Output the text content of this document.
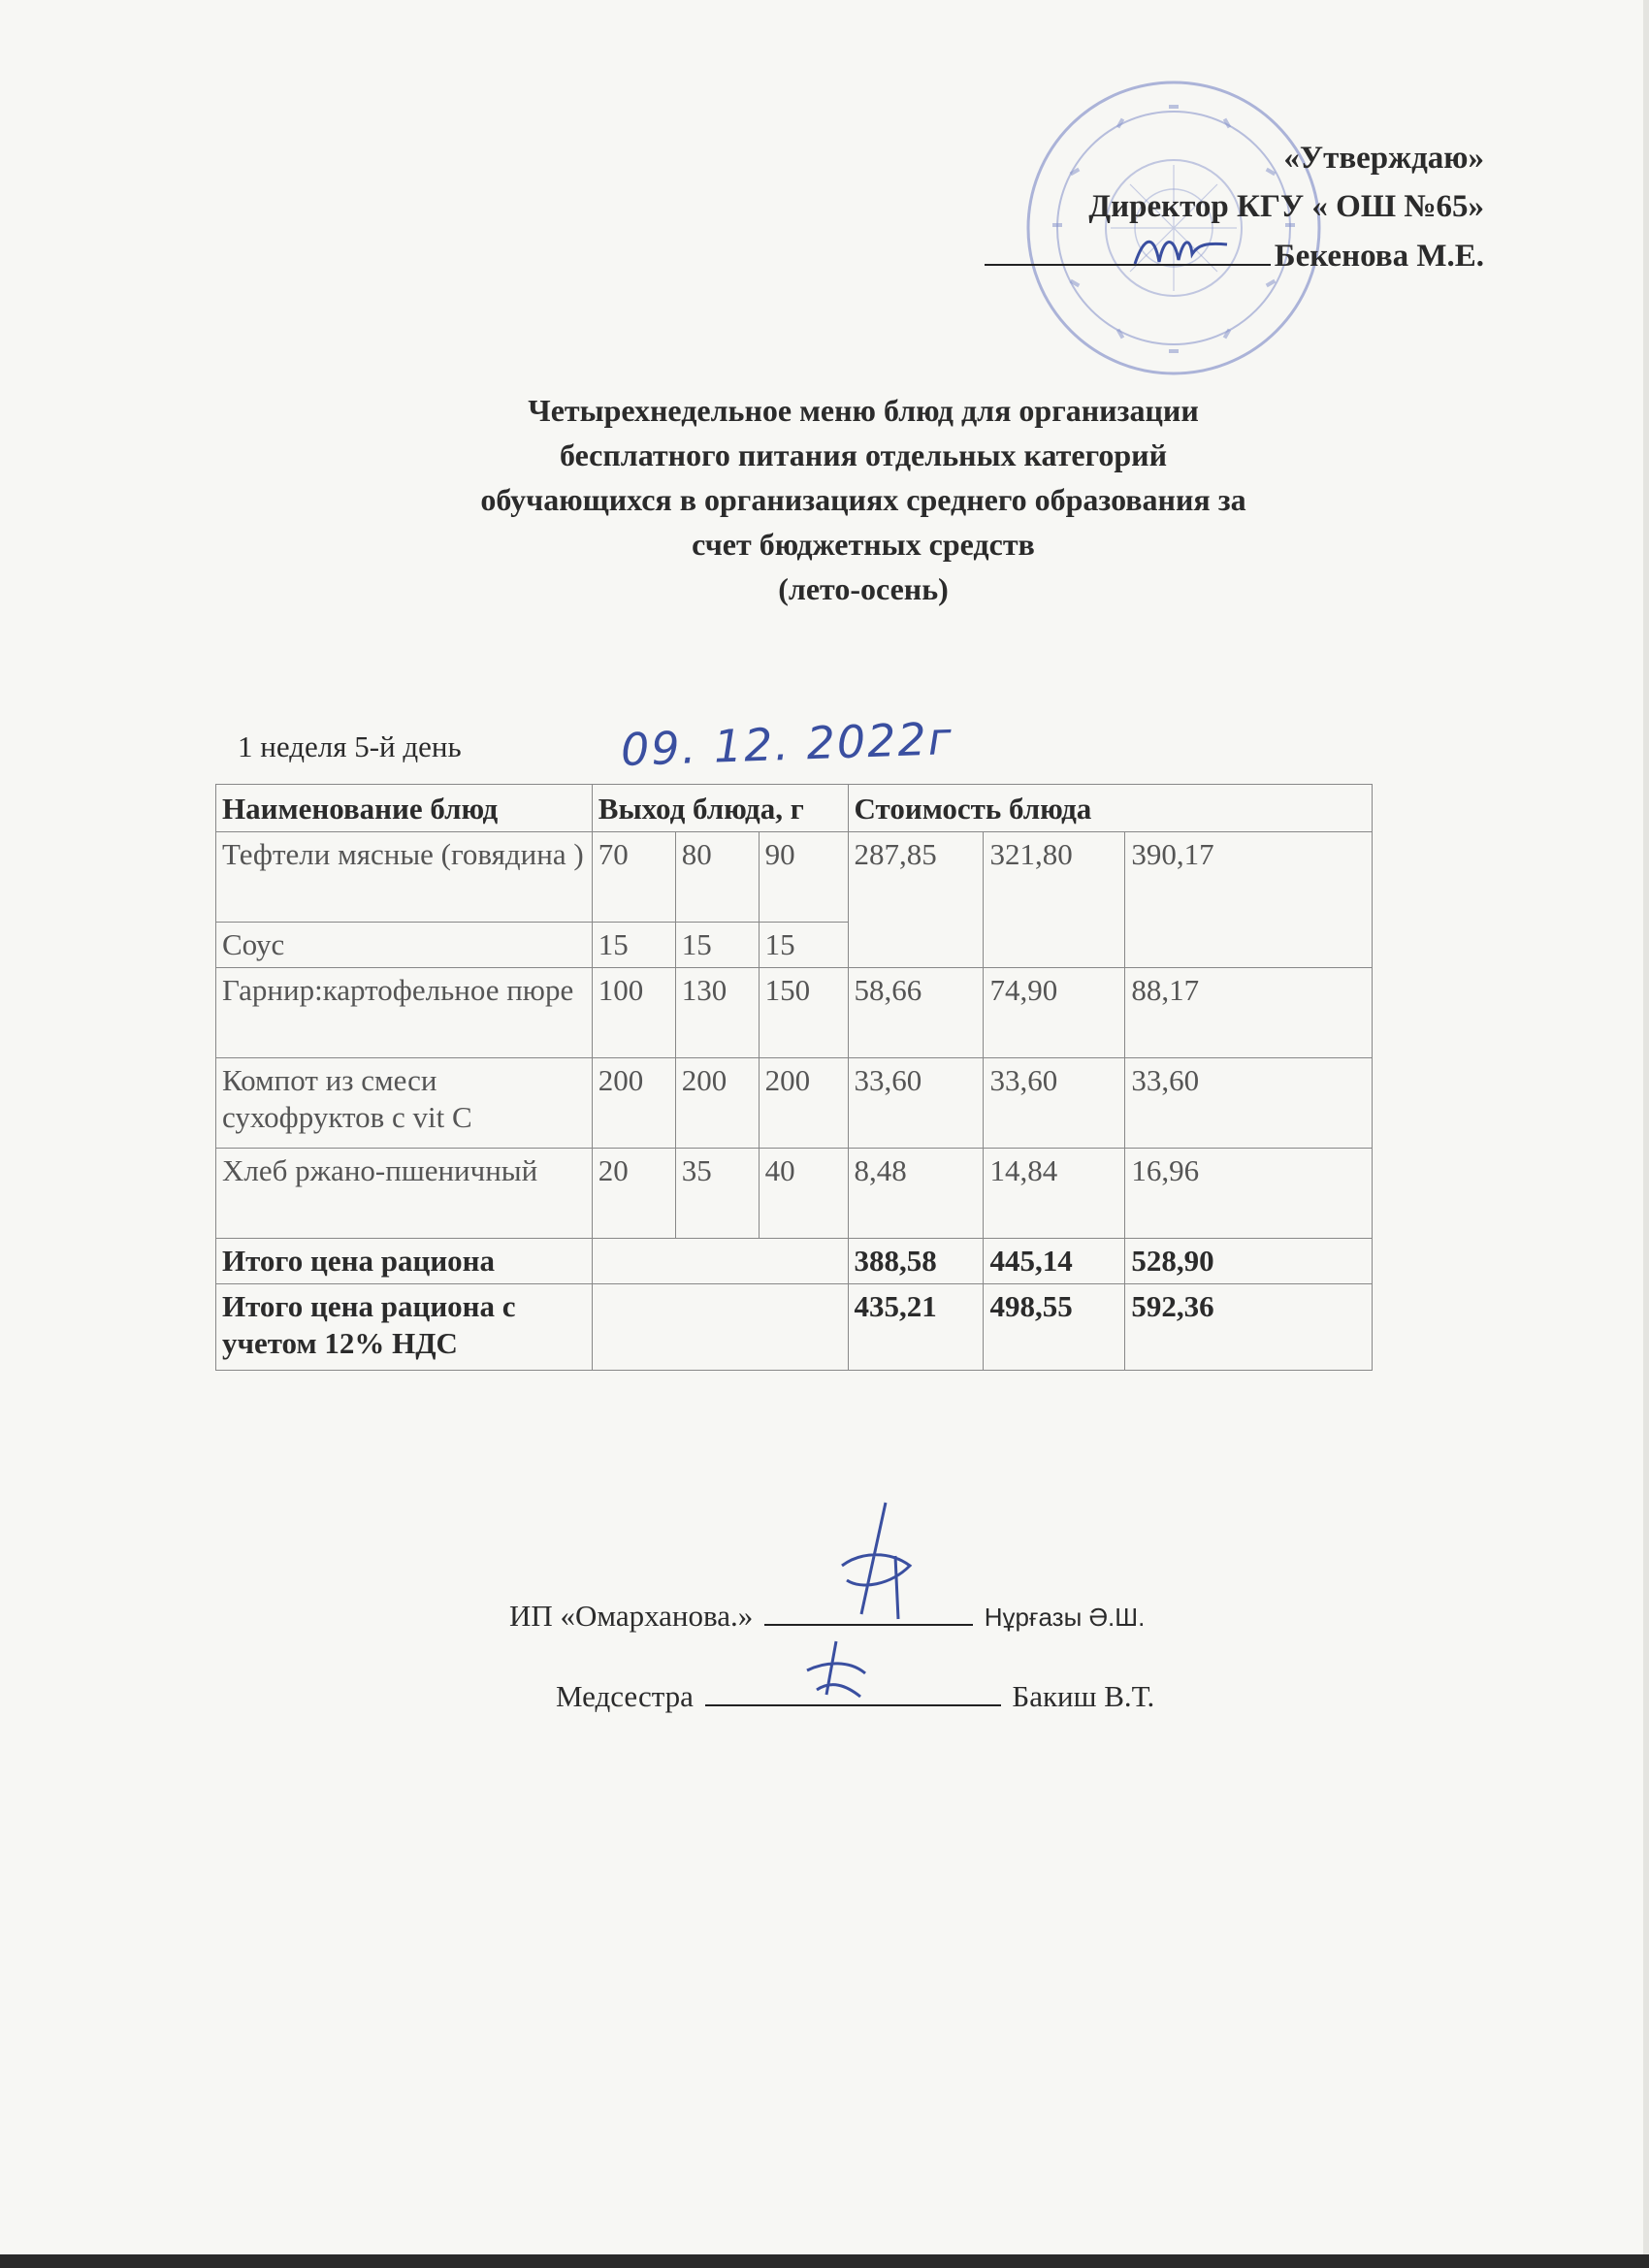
«Утверждаю»
Директор КГУ « ОШ №65»
Бекенова М.Е.
Четырехнедельное меню блюд для организации
бесплатного питания отдельных категорий
обучающихся в организациях среднего образования за
счет бюджетных средств
(лето-осень)
1 неделя 5-й день	09. 12. 2022г
Наименование блюд	Выход блюда, г			Стоимость блюда		
Тефтели мясные (говядина )	70	80	90	287,85	321,80	390,17
Соус	15	15	15			
Гарнир:картофельное пюре	100	130	150	58,66	74,90	88,17
Компот из смеси сухофруктов с vit C	200	200	200	33,60	33,60	33,60
Хлеб ржано-пшеничный	20	35	40	8,48	14,84	16,96
Итого цена рациона				388,58	445,14	528,90
Итого цена рациона с учетом 12% НДС				435,21	498,55	592,36
ИП «Омарханова.»	Нұрғазы Ә.Ш.
Медсестра	Бакиш В.Т.
